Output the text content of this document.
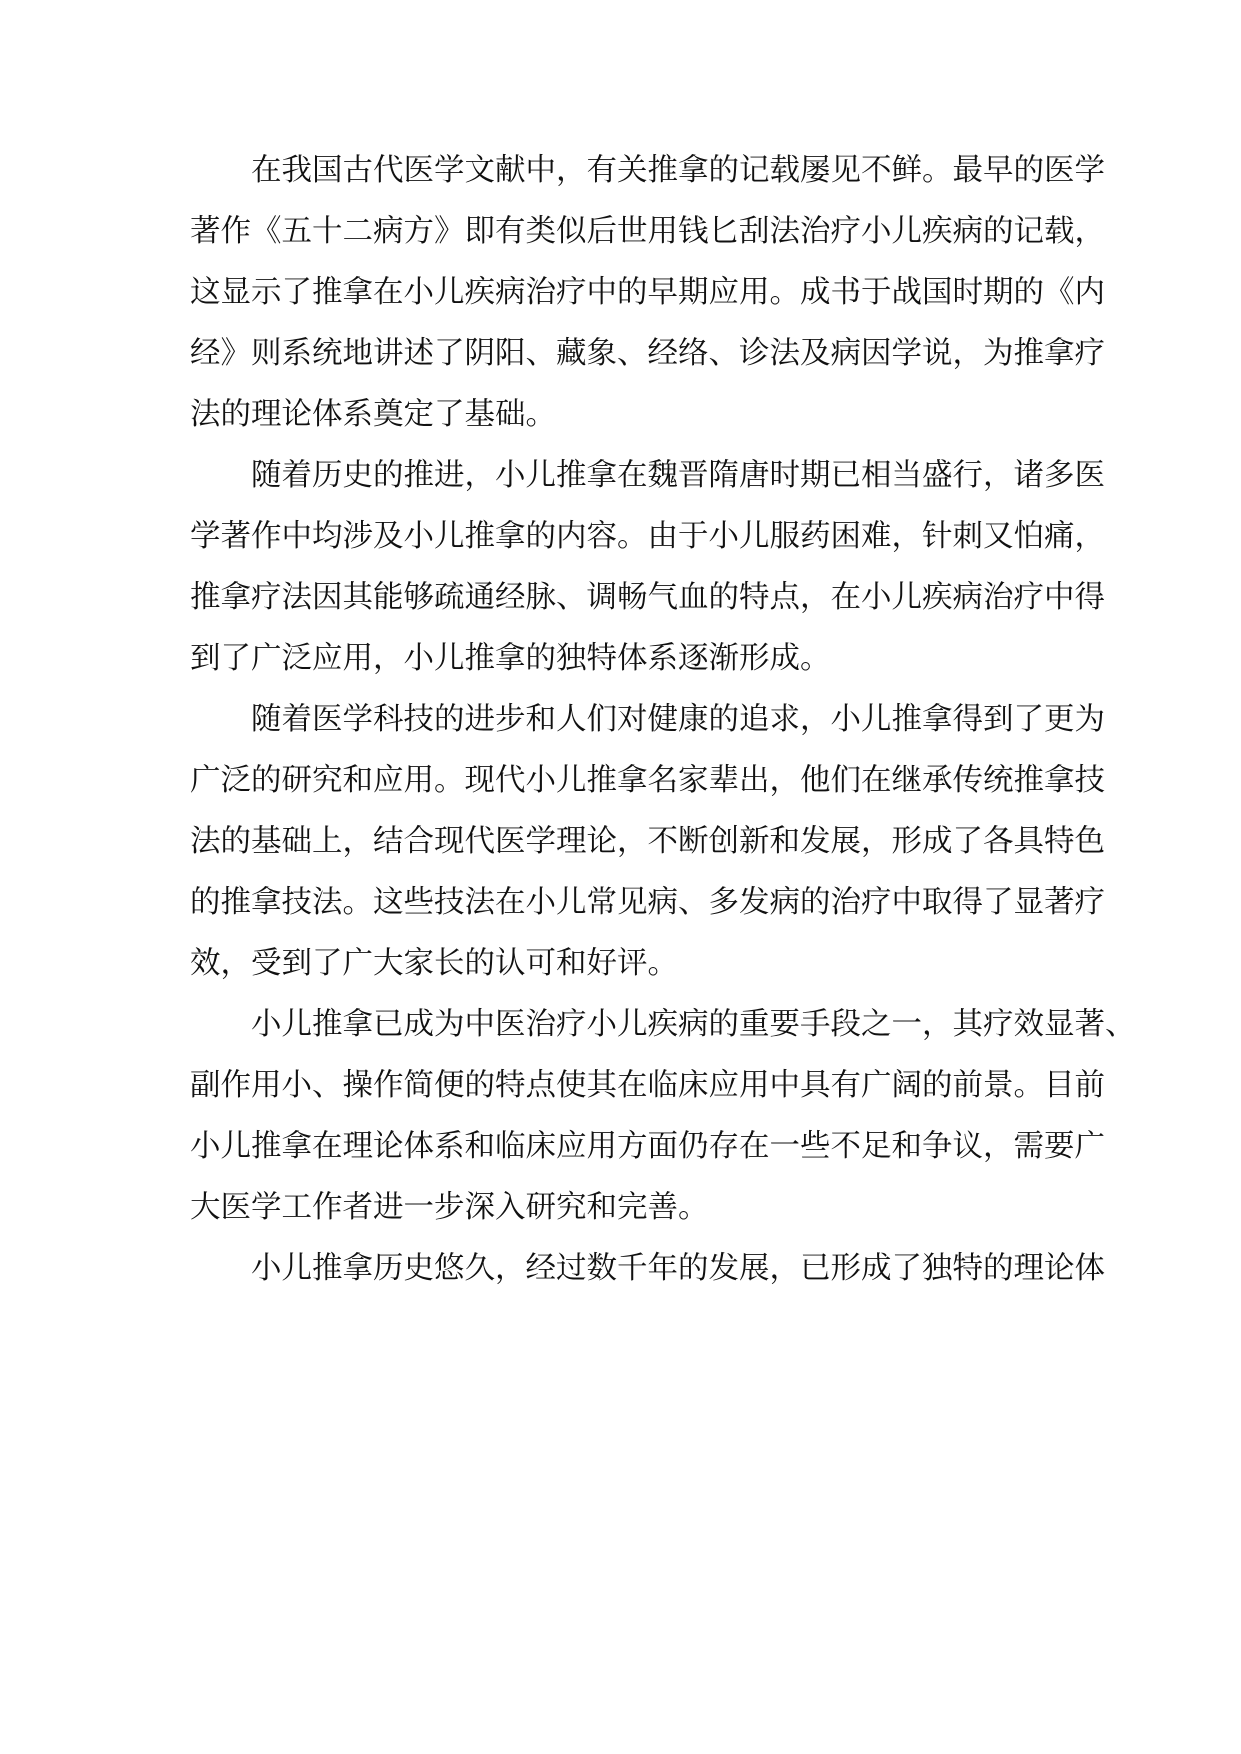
在我国古代医学文献中，有关推拿的记载屡见不鲜。最早的医学
著作《五十二病方》即有类似后世用钱匕刮法治疗小儿疾病的记载，
这显示了推拿在小儿疾病治疗中的早期应用。成书于战国时期的《内
经》则系统地讲述了阴阳、藏象、经络、诊法及病因学说，为推拿疗
法的理论体系奠定了基础。
随着历史的推进，小儿推拿在魏晋隋唐时期已相当盛行，诸多医
学著作中均涉及小儿推拿的内容。由于小儿服药困难，针刺又怕痛，
推拿疗法因其能够疏通经脉、调畅气血的特点，在小儿疾病治疗中得
到了广泛应用，小儿推拿的独特体系逐渐形成。
随着医学科技的进步和人们对健康的追求，小儿推拿得到了更为
广泛的研究和应用。现代小儿推拿名家辈出，他们在继承传统推拿技
法的基础上，结合现代医学理论，不断创新和发展，形成了各具特色
的推拿技法。这些技法在小儿常见病、多发病的治疗中取得了显著疗
效，受到了广大家长的认可和好评。
小儿推拿已成为中医治疗小儿疾病的重要手段之一，其疗效显著、
副作用小、操作简便的特点使其在临床应用中具有广阔的前景。目前
小儿推拿在理论体系和临床应用方面仍存在一些不足和争议，需要广
大医学工作者进一步深入研究和完善。
小儿推拿历史悠久，经过数千年的发展，已形成了独特的理论体
